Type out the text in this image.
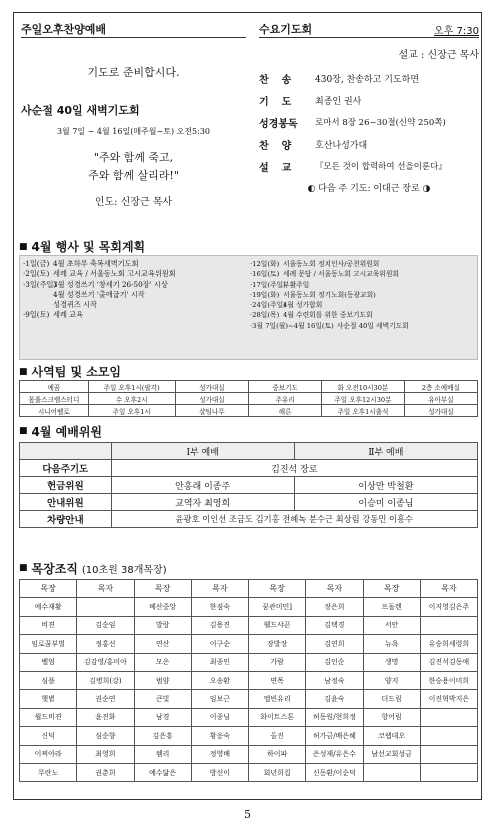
주일오후찬양예배
기도로 준비합시다.
사순절 40일 새벽기도회
3월 7일 ~ 4월 16일(매주월~토) 오전5:30
"주와 함께 죽고,
주와 함께 살리라!"
인도: 신장근 목사
수요기도회	오후 7:30
설교 : 신장근 목사
찬송	430장, 찬송하고 기도하면
기도	최종인 권사
성경봉독	로마서 8장 26~30절(신약 250쪽)
찬양	호산나성가대
설교	『모든 것이 합력하여 선을이룬다』
◐ 다음 주 기도: 이대근 장로 ◑
■ 4월 행사 및 목회계획
·1일(금) 4월 초하루 축복새벽기도회
·2일(토) 세례 교육 / 서울동노회 고시교육위원회
·3일(주일)3월 성경쓰기 '창세기 26-50장' 시상
4월 성경쓰기 '출애굽기' 시작
성경퀴즈 시작
·9일(토) 세례 교육
·12일(화) 서울동노회 정치인사/공천위원회
·16일(토) 세례 문답 / 서울동노회 고시교육위원회
·17일(주일)부활주일
·19일(화) 서울동노회 정기노회(동광교회)
·24일(주일)4월 성가합회
·28일(목) 4월 수련회를 위한 중보기도회
·3월 7일(월)~4월 16일(토) 사순절 40일 새벽기도회
■ 사역팀 및 소모임
예꿈	주일 오후1시(팔각)	성가대실	중보기도	화 오전10시30분	2층 소예배실
몸풀스크램스터디	수 오후2시	성가대실	주유리	주일 오후12시30분	유아부실
시니어펠로	주일 오후1시	샬팀나무	해른	주일 오후1시출석	성가대실
■ 4월 예배위원
	Ⅰ부 예배	Ⅱ부 예배
다음주기도	김진석 장로	
헌금위원	안흥래 이종주	이상만 박철환
안내위원	교역자 최영희	이승미 이종님
차량안내	윤광호 이인선 조금도 김기홍 전혜녹 분수근 최상림 강동민 이흥수	
■ 목장조직 (10초원 38개목장)
목장	목자	목장	목자	목장	목자	목장	목자
예수재활		베산중앙	한짐숙	꿈관미민]	장은희	프돌렌	이지영김은주
비젼	김순임	발랑	김용진	웰드샤픈	김택경	서안	
임로꿈부벌	정홍선	연산	이구순	장발장	김연희	뉴욕	유승희세령희
벨엄	김감영/홍미아	모은	최종인	가람	김인순	생명	김진석김동애
심플	김병희(강)	범얌	오송환	면목	남정숙	양지	한승용이미희
햇볕	권순연	큰빛	임보근	엘빈유리	김윤숙	더드림	이진혁박지은
윌드비젼	윤진화	남경	이종님	화이트스톤	허동원/현희정	항어림	
신덕	심순향	김은흥	황응숙	올진	허가금/배은혜	코랩데오	
이찌아라	최영희	렘리	정영배	하이파	은성재/유은수	남선교회성금	
무란노	권춘희	예수닮은	방선이	회년희집	신동환/이순덕		
5
